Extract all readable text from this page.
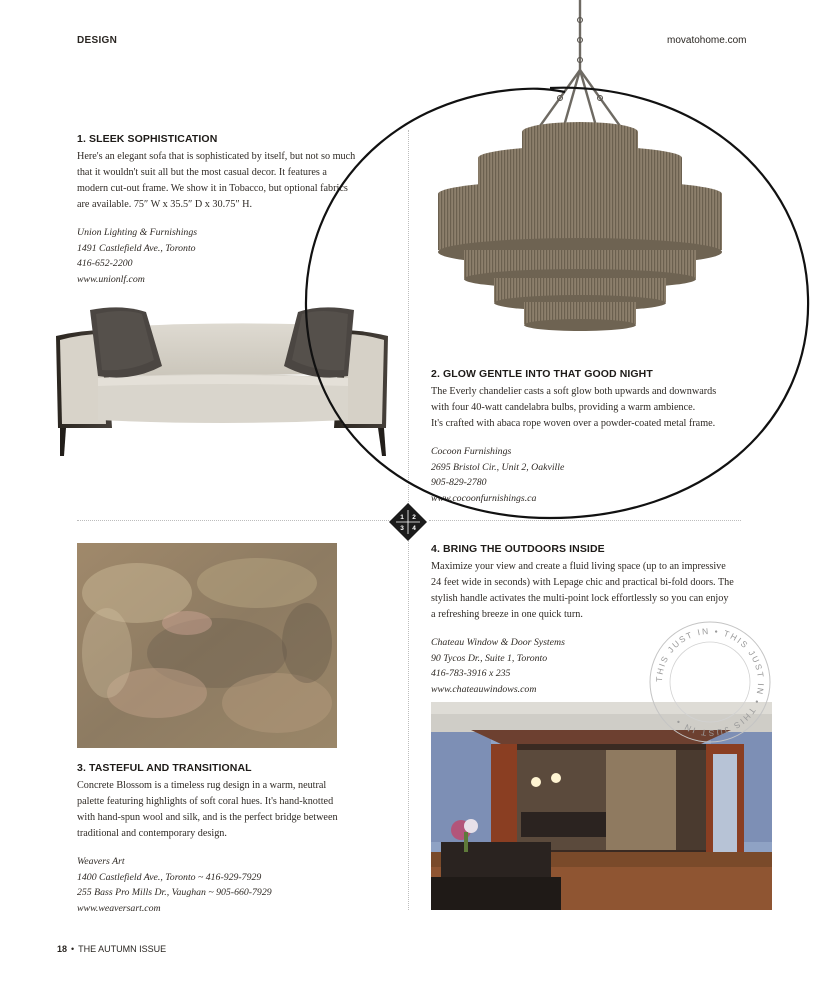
DESIGN	movatohome.com
1. SLEEK SOPHISTICATION

Here's an elegant sofa that is sophisticated by itself, but not so much
that it wouldn't suit all but the most casual decor. It features a
modern cut-out frame. We show it in Tobacco, but optional fabrics
are available. 75″ W x 35.5″ D x 30.75″ H.

Union Lighting & Furnishings
1491 Castlefield Ave., Toronto
416-652-2200
www.unionlf.com
2. GLOW GENTLE INTO THAT GOOD NIGHT

The Everly chandelier casts a soft glow both upwards and downwards
with four 40-watt candelabra bulbs, providing a warm ambience.
It's crafted with abaca rope woven over a powder-coated metal frame.

Cocoon Furnishings
2695 Bristol Cir., Unit 2, Oakville
905-829-2780
www.cocoonfurnishings.ca
3. TASTEFUL AND TRANSITIONAL

Concrete Blossom is a timeless rug design in a warm, neutral
palette featuring highlights of soft coral hues. It's hand-knotted
with hand-spun wool and silk, and is the perfect bridge between
traditional and contemporary design.

Weavers Art
1400 Castlefield Ave., Toronto ~ 416-929-7929
255 Bass Pro Mills Dr., Vaughan ~ 905-660-7929
www.weaversart.com
4. BRING THE OUTDOORS INSIDE

Maximize your view and create a fluid living space (up to an impressive
24 feet wide in seconds) with Lepage chic and practical bi-fold doors. The
stylish handle activates the multi-point lock effortlessly so you can enjoy
a refreshing breeze in one quick turn.

Chateau Window & Door Systems
90 Tycos Dr., Suite 1, Toronto
416-783-3916 x 235
www.chateauwindows.com
1 2
3 4
THIS JUST IN • THIS JUST IN • THIS JUST IN •
18 • THE AUTUMN ISSUE
